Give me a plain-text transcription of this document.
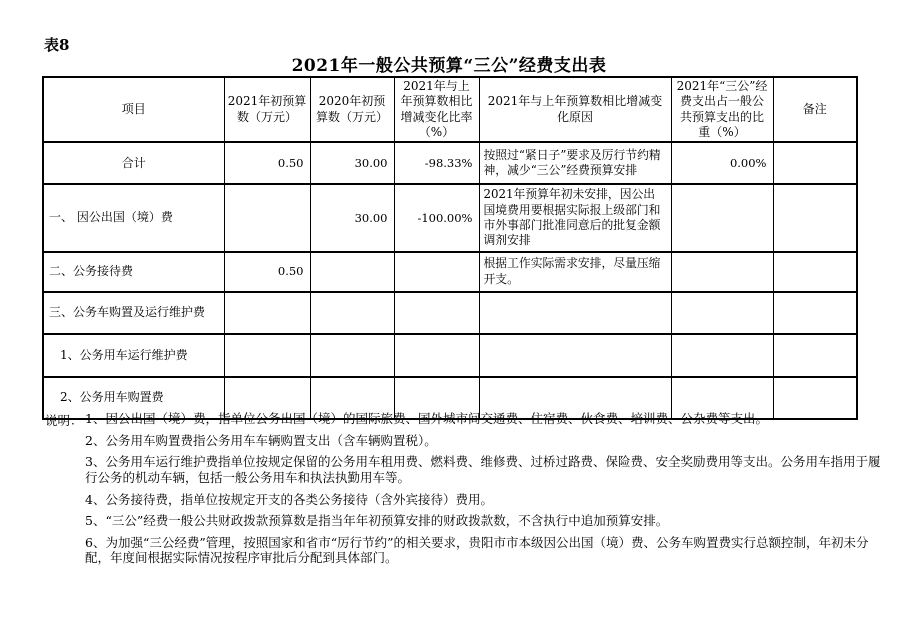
表8
2021年一般公共预算“三公”经费支出表
项目	2021年初预算数（万元）	2020年初预算数（万元）	2021年与上年预算数相比增减变化比率（%）	2021年与上年预算数相比增减变化原因	2021年“三公”经费支出占一般公共预算支出的比重（%）	备注
合计	0.50	30.00	-98.33%	按照过“紧日子”要求及厉行节约精神，减少“三公”经费预算安排	0.00%	
一、 因公出国（境）费		30.00	-100.00%	2021年预算年初未安排，因公出国境费用要根据实际报上级部门和市外事部门批准同意后的批复金额调剂安排		
二、公务接待费	0.50			根据工作实际需求安排，尽量压缩开支。		
三、公务车购置及运行维护费						
1、公务用车运行维护费						
2、公务用车购置费						
说明： 1、因公出国（境）费，指单位公务出国（境）的国际旅费、国外城市间交通费、住宿费、伙食费、培训费、公杂费等支出。
2、公务用车购置费指公务用车车辆购置支出（含车辆购置税）。
3、公务用车运行维护费指单位按规定保留的公务用车租用费、燃料费、维修费、过桥过路费、保险费、安全奖励费用等支出。公务用车指用于履行公务的机动车辆，包括一般公务用车和执法执勤用车等。
4、公务接待费，指单位按规定开支的各类公务接待（含外宾接待）费用。
5、“三公”经费一般公共财政拨款预算数是指当年年初预算安排的财政拨款数，不含执行中追加预算安排。
6、为加强“三公经费”管理，按照国家和省市“厉行节约”的相关要求，贵阳市市本级因公出国（境）费、公务车购置费实行总额控制，年初未分配，年度间根据实际情况按程序审批后分配到具体部门。
